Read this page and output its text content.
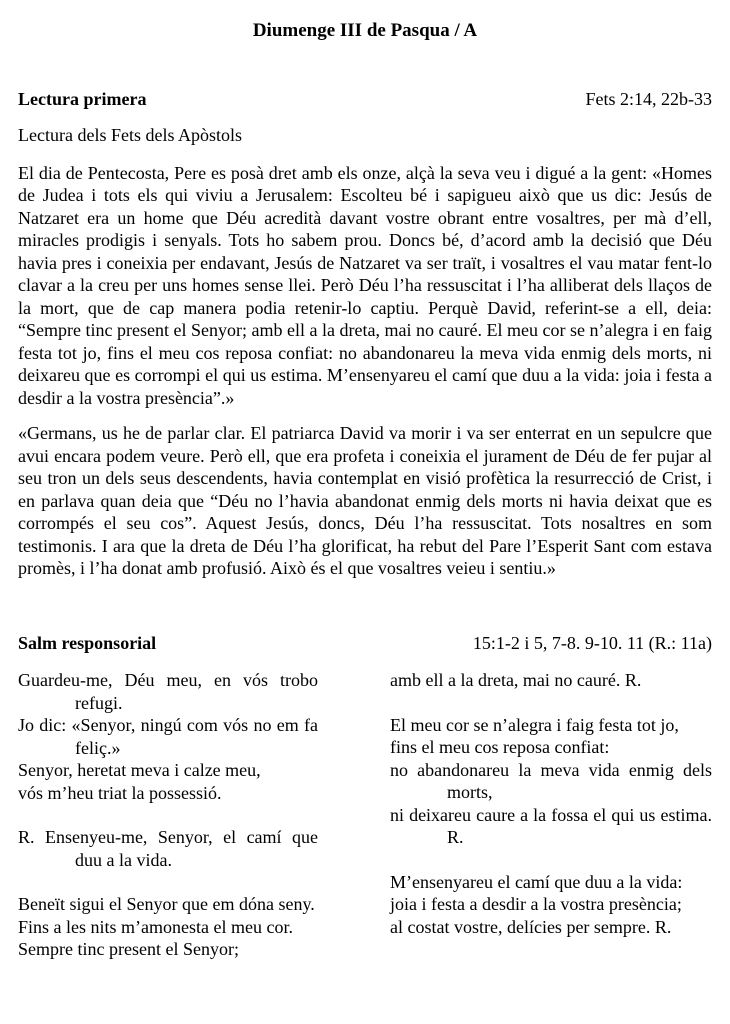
Diumenge III de Pasqua / A
Lectura primera	Fets 2:14, 22b-33

Lectura dels Fets dels Apòstols

El dia de Pentecosta, Pere es posà dret amb els onze, alçà la seva veu i digué a la gent: «Homes de Judea i tots els qui viviu a Jerusalem: Escolteu bé i sapigueu això que us dic: Jesús de Natzaret era un home que Déu acredità davant vostre obrant entre vosaltres, per mà d’ell, miracles prodigis i senyals. Tots ho sabem prou. Doncs bé, d’acord amb la decisió que Déu havia pres i coneixia per endavant, Jesús de Natzaret va ser traït, i vosaltres el vau matar fent-lo clavar a la creu per uns homes sense llei. Però Déu l’ha ressuscitat i l’ha alliberat dels llaços de la mort, que de cap manera podia retenir-lo captiu. Perquè David, referint-se a ell, deia: “Sempre tinc present el Senyor; amb ell a la dreta, mai no cauré. El meu cor se n’alegra i en faig festa tot jo, fins el meu cos reposa confiat: no abandonareu la meva vida enmig dels morts, ni deixareu que es corrompi el qui us estima. M’ensenyareu el camí que duu a la vida: joia i festa a desdir a la vostra presència”.»

«Germans, us he de parlar clar. El patriarca David va morir i va ser enterrat en un sepulcre que avui encara podem veure. Però ell, que era profeta i coneixia el jurament de Déu de fer pujar al seu tron un dels seus descendents, havia contemplat en visió profètica la resurrecció de Crist, i en parlava quan deia que “Déu no l’havia abandonat enmig dels morts ni havia deixat que es corrompés el seu cos”. Aquest Jesús, doncs, Déu l’ha ressuscitat. Tots nosaltres en som testimonis. I ara que la dreta de Déu l’ha glorificat, ha rebut del Pare l’Esperit Sant com estava promès, i l’ha donat amb profusió. Això és el que vosaltres veieu i sentiu.»

Salm responsorial	15:1-2 i 5, 7-8. 9-10. 11 (R.: 11a)
Guardeu-me, Déu meu, en vós trobo refugi.
Jo dic: «Senyor, ningú com vós no em fa feliç.»
Senyor, heretat meva i calze meu,
vós m’heu triat la possessió.
R. Ensenyeu-me, Senyor, el camí que duu a la vida.
Beneït sigui el Senyor que em dóna seny.
Fins a les nits m’amonesta el meu cor.
Sempre tinc present el Senyor;
amb ell a la dreta, mai no cauré. R.
El meu cor se n’alegra i faig festa tot jo,
fins el meu cos reposa confiat:
no abandonareu la meva vida enmig dels morts,
ni deixareu caure a la fossa el qui us estima. R.
M’ensenyareu el camí que duu a la vida:
joia i festa a desdir a la vostra presència;
al costat vostre, delícies per sempre. R.
